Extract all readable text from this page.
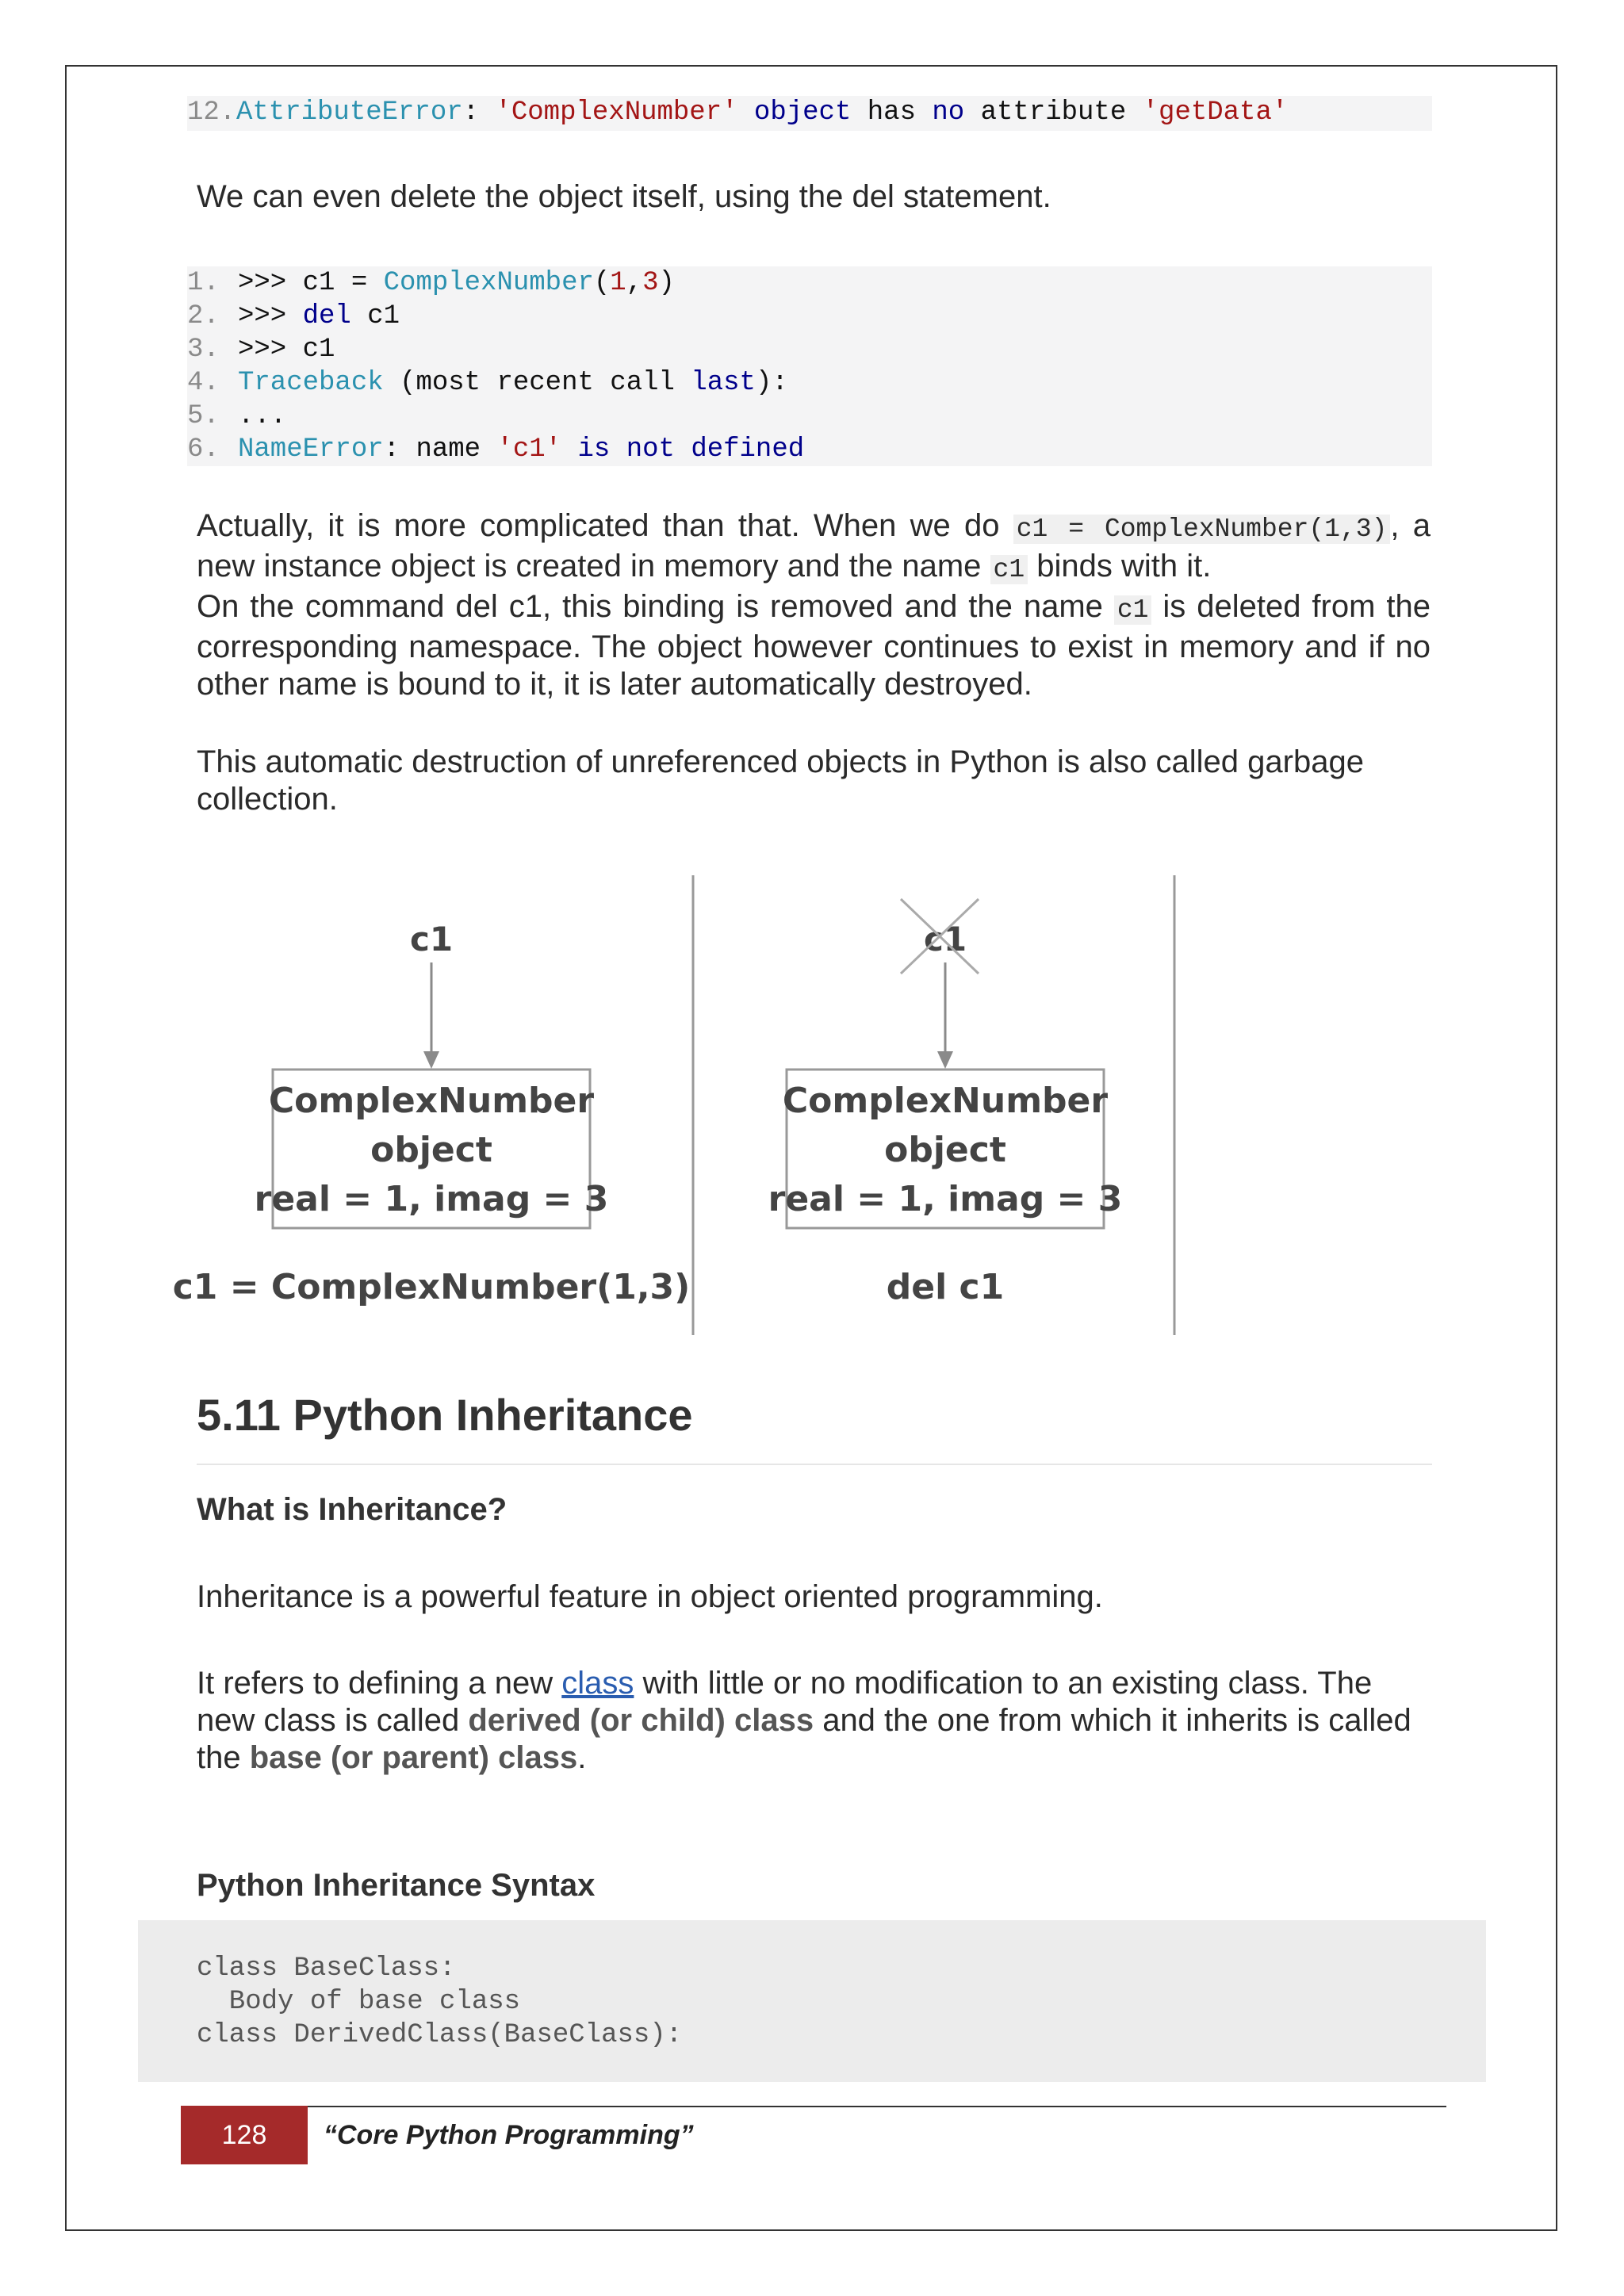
12. AttributeError : 'ComplexNumber' object has no attribute 'getData'

We can even delete the object itself, using the del statement.

1. >>> c1 = ComplexNumber ( 1 , 3 )
2. >>> del c1
3. >>> c1
4. Traceback (most recent call last ):
5. ...
6. NameError : name 'c1' is not defined

Actually, it is more complicated than that. When we do c1 = ComplexNumber(1,3) , a new instance object is created in memory and the name c1 binds with it.

On the command del c1, this binding is removed and the name c1 is deleted from the corresponding namespace. The object however continues to exist in memory and if no other name is bound to it, it is later automatically destroyed.

This automatic destruction of unreferenced objects in Python is also called garbage collection.

c1
ComplexNumber
object
real = 1, imag = 3
c1 = ComplexNumber(1,3)
c1
ComplexNumber
object
real = 1, imag = 3
del c1
5.11 Python Inheritance
What is Inheritance?

Inheritance is a powerful feature in object oriented programming.

It refers to defining a new class with little or no modification to an existing class. The new class is called derived (or child) class and the one from which it inherits is called the base (or parent) class.

Python Inheritance Syntax
class BaseClass:
Body of base class
class DerivedClass(BaseClass):
128	“Core Python Programming”
